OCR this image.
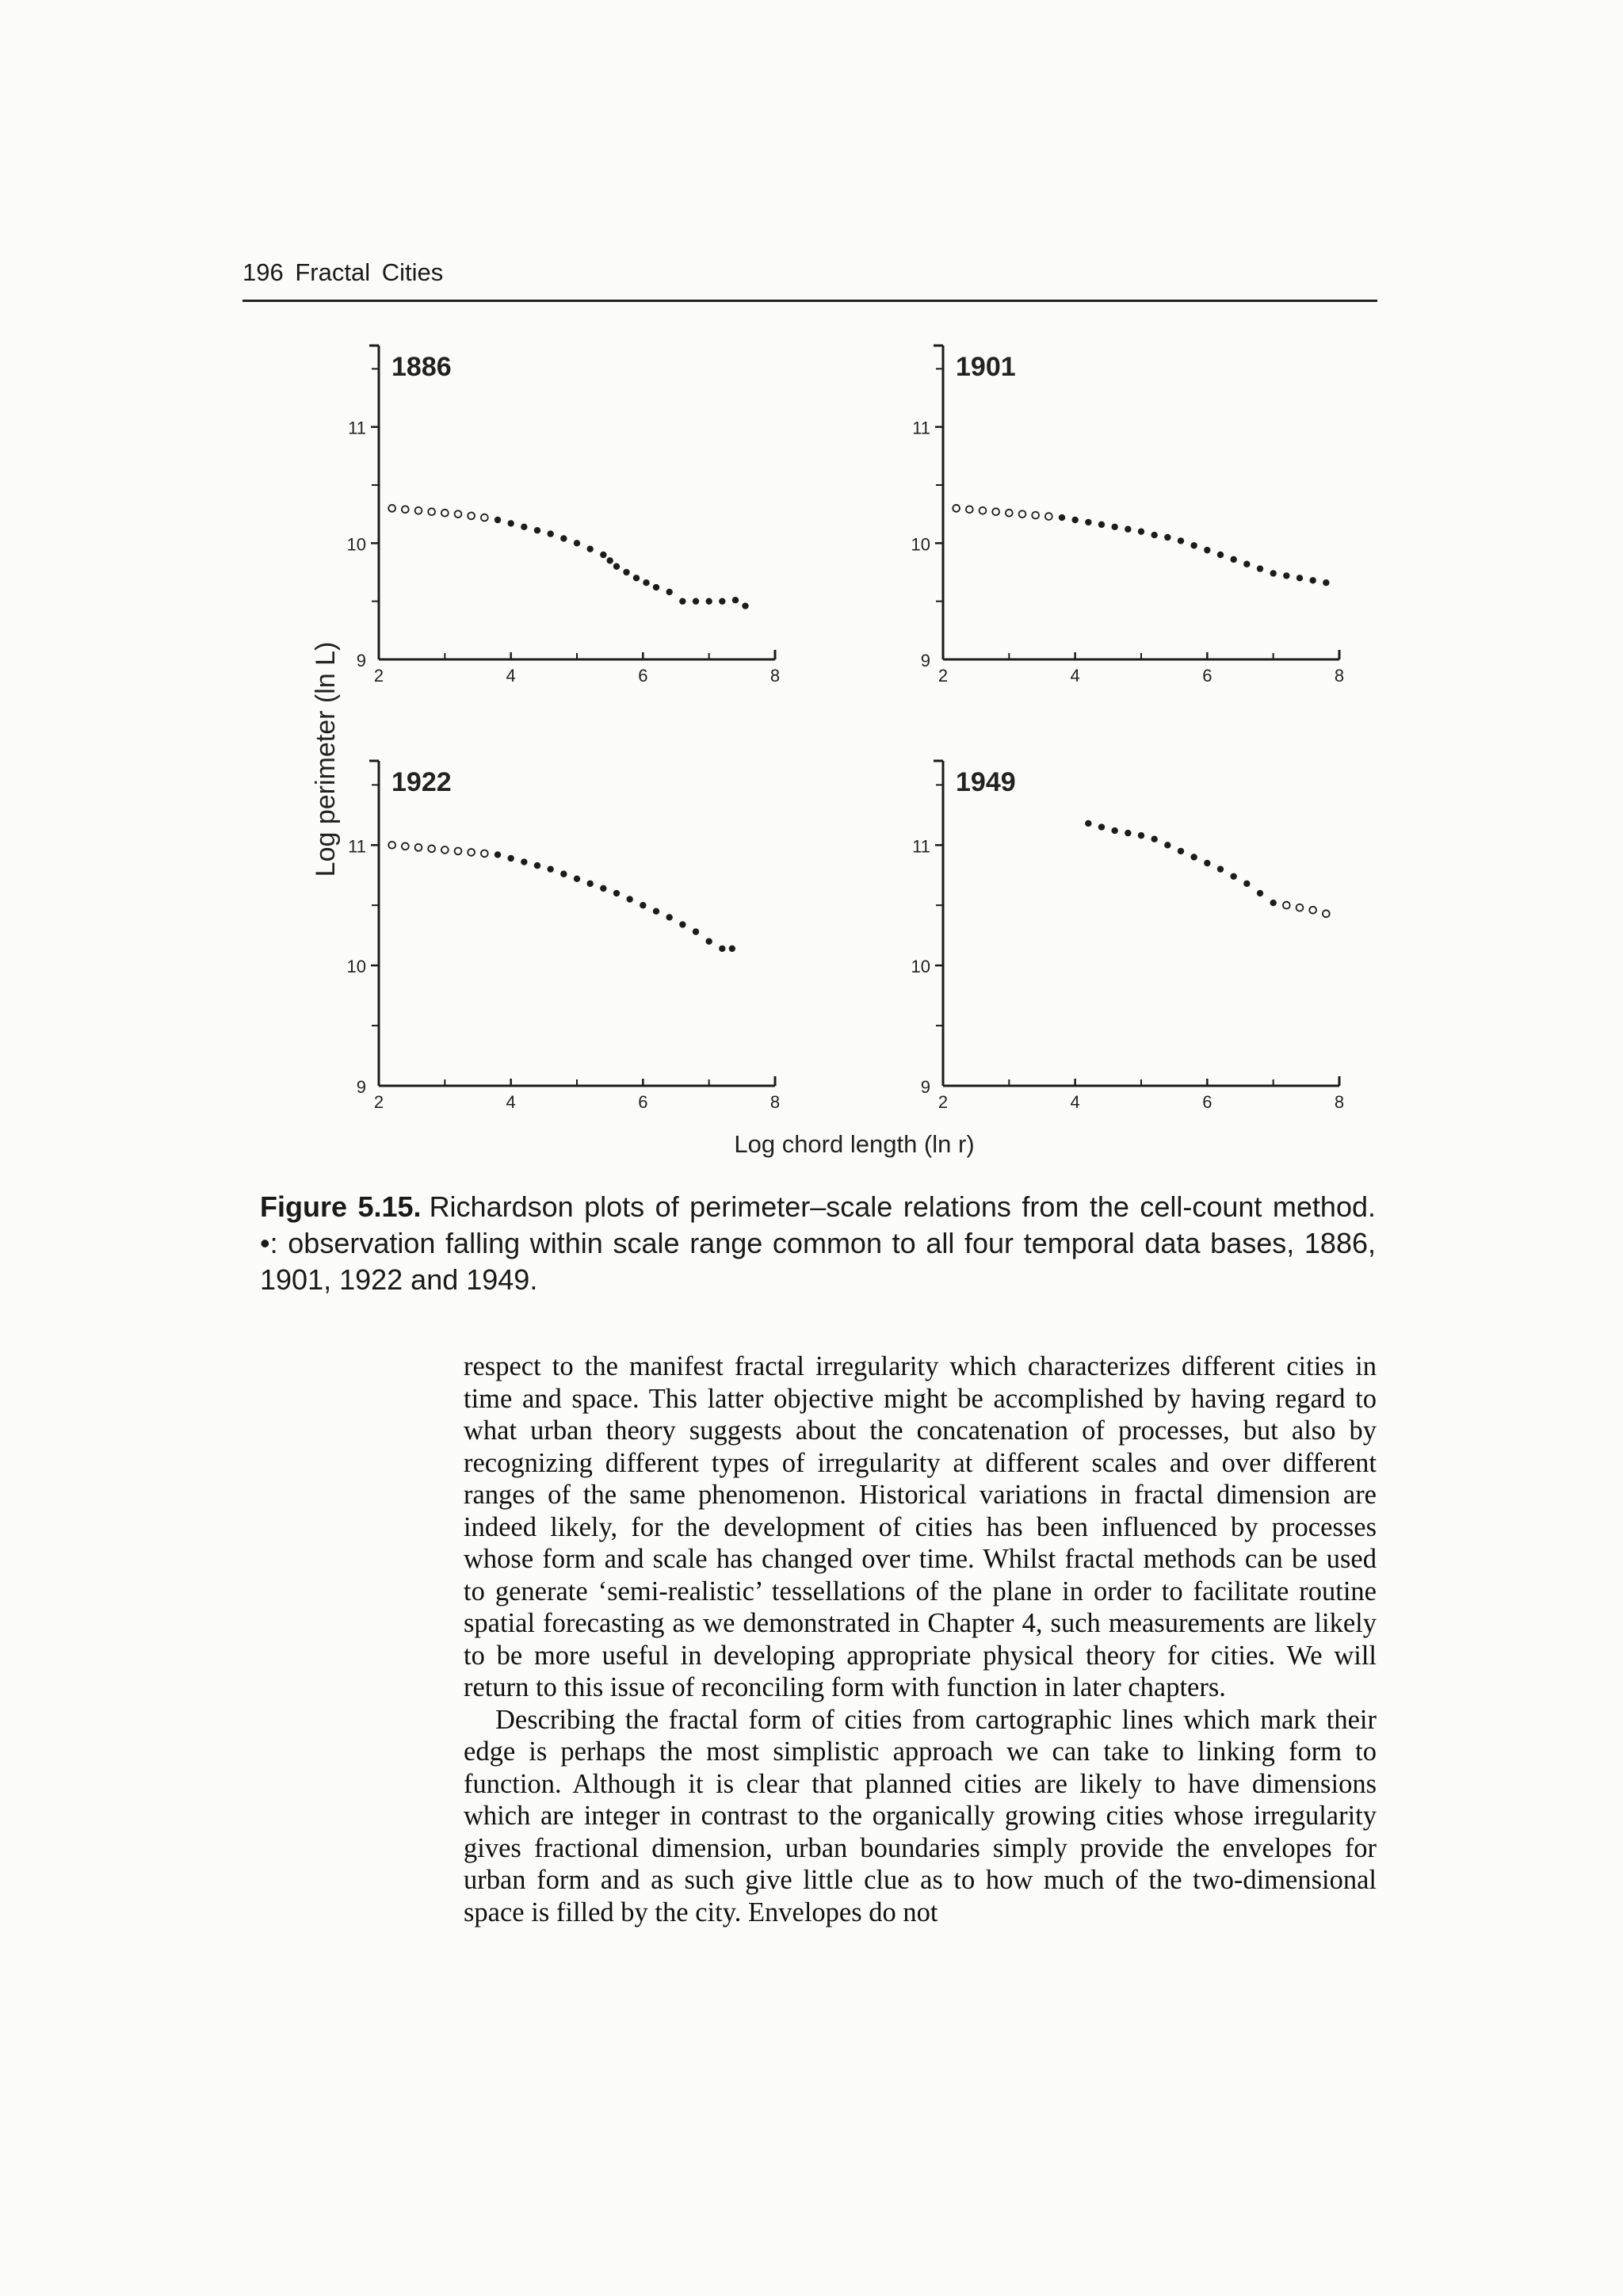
196 Fractal Cities
Log perimeter (ln L)
Log chord length (ln r)
9
10
11
2	4	6	8
1886
9
10
11
2	4	6	8
1901
9
10
11
2	4	6	8
1922
9
10
11
2	4	6	8
1949
Figure 5.15. Richardson plots of perimeter–scale relations from the cell-count method. •: observation falling within scale range common to all four temporal data bases, 1886, 1901, 1922 and 1949.

respect to the manifest fractal irregularity which characterizes different cities in time and space. This latter objective might be accomplished by having regard to what urban theory suggests about the concatenation of processes, but also by recognizing different types of irregularity at different scales and over different ranges of the same phenomenon. Historical variations in fractal dimension are indeed likely, for the development of cities has been influenced by processes whose form and scale has changed over time. Whilst fractal methods can be used to generate ‘semi-realistic’ tessellations of the plane in order to facilitate routine spatial forecasting as we demonstrated in Chapter 4, such measurements are likely to be more useful in developing appropriate physical theory for cities. We will return to this issue of reconciling form with function in later chapters.

Describing the fractal form of cities from cartographic lines which mark their edge is perhaps the most simplistic approach we can take to linking form to function. Although it is clear that planned cities are likely to have dimensions which are integer in contrast to the organically growing cities whose irregularity gives fractional dimension, urban boundaries simply provide the envelopes for urban form and as such give little clue as to how much of the two-dimensional space is filled by the city. Envelopes do not
